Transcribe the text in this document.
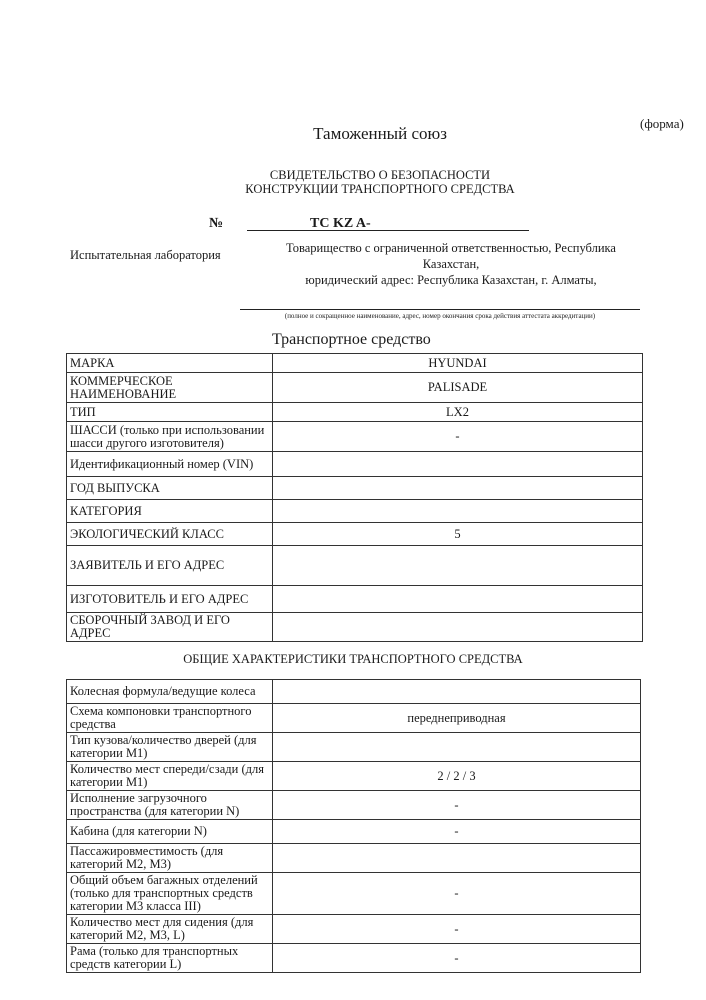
(форма)
Таможенный союз
СВИДЕТЕЛЬСТВО О БЕЗОПАСНОСТИ
КОНСТРУКЦИИ ТРАНСПОРТНОГО СРЕДСТВА
№	ТС KZ A-
Испытательная лаборатория	Товарищество с ограниченной ответственностью, Республика Казахстан,
юридический адрес: Республика Казахстан, г. Алматы,
(полное и сокращенное наименование, адрес, номер окончания срока действия аттестата аккредитации)
Транспортное средство
МАРКА	HYUNDAI
КОММЕРЧЕСКОЕ НАИМЕНОВАНИЕ	PALISADE
ТИП	LX2
ШАССИ (только при использовании шасси другого изготовителя)	-
Идентификационный номер (VIN)	
ГОД ВЫПУСКА	
КАТЕГОРИЯ	
ЭКОЛОГИЧЕСКИЙ КЛАСС	5
ЗАЯВИТЕЛЬ И ЕГО АДРЕС	
ИЗГОТОВИТЕЛЬ И ЕГО АДРЕС	
СБОРОЧНЫЙ ЗАВОД И ЕГО АДРЕС	
ОБЩИЕ ХАРАКТЕРИСТИКИ ТРАНСПОРТНОГО СРЕДСТВА
Колесная формула/ведущие колеса	
Схема компоновки транспортного средства	переднеприводная
Тип кузова/количество дверей (для категории М1)	
Количество мест спереди/сзади (для категории М1)	2 / 2 / 3
Исполнение загрузочного пространства (для категории N)	-
Кабина (для категории N)	-
Пассажировместимость (для категорий М2, М3)	
Общий объем багажных отделений (только для транспортных средств категории М3 класса III)	-
Количество мест для сидения (для категорий М2, М3, L)	-
Рама (только для транспортных средств категории L)	-
